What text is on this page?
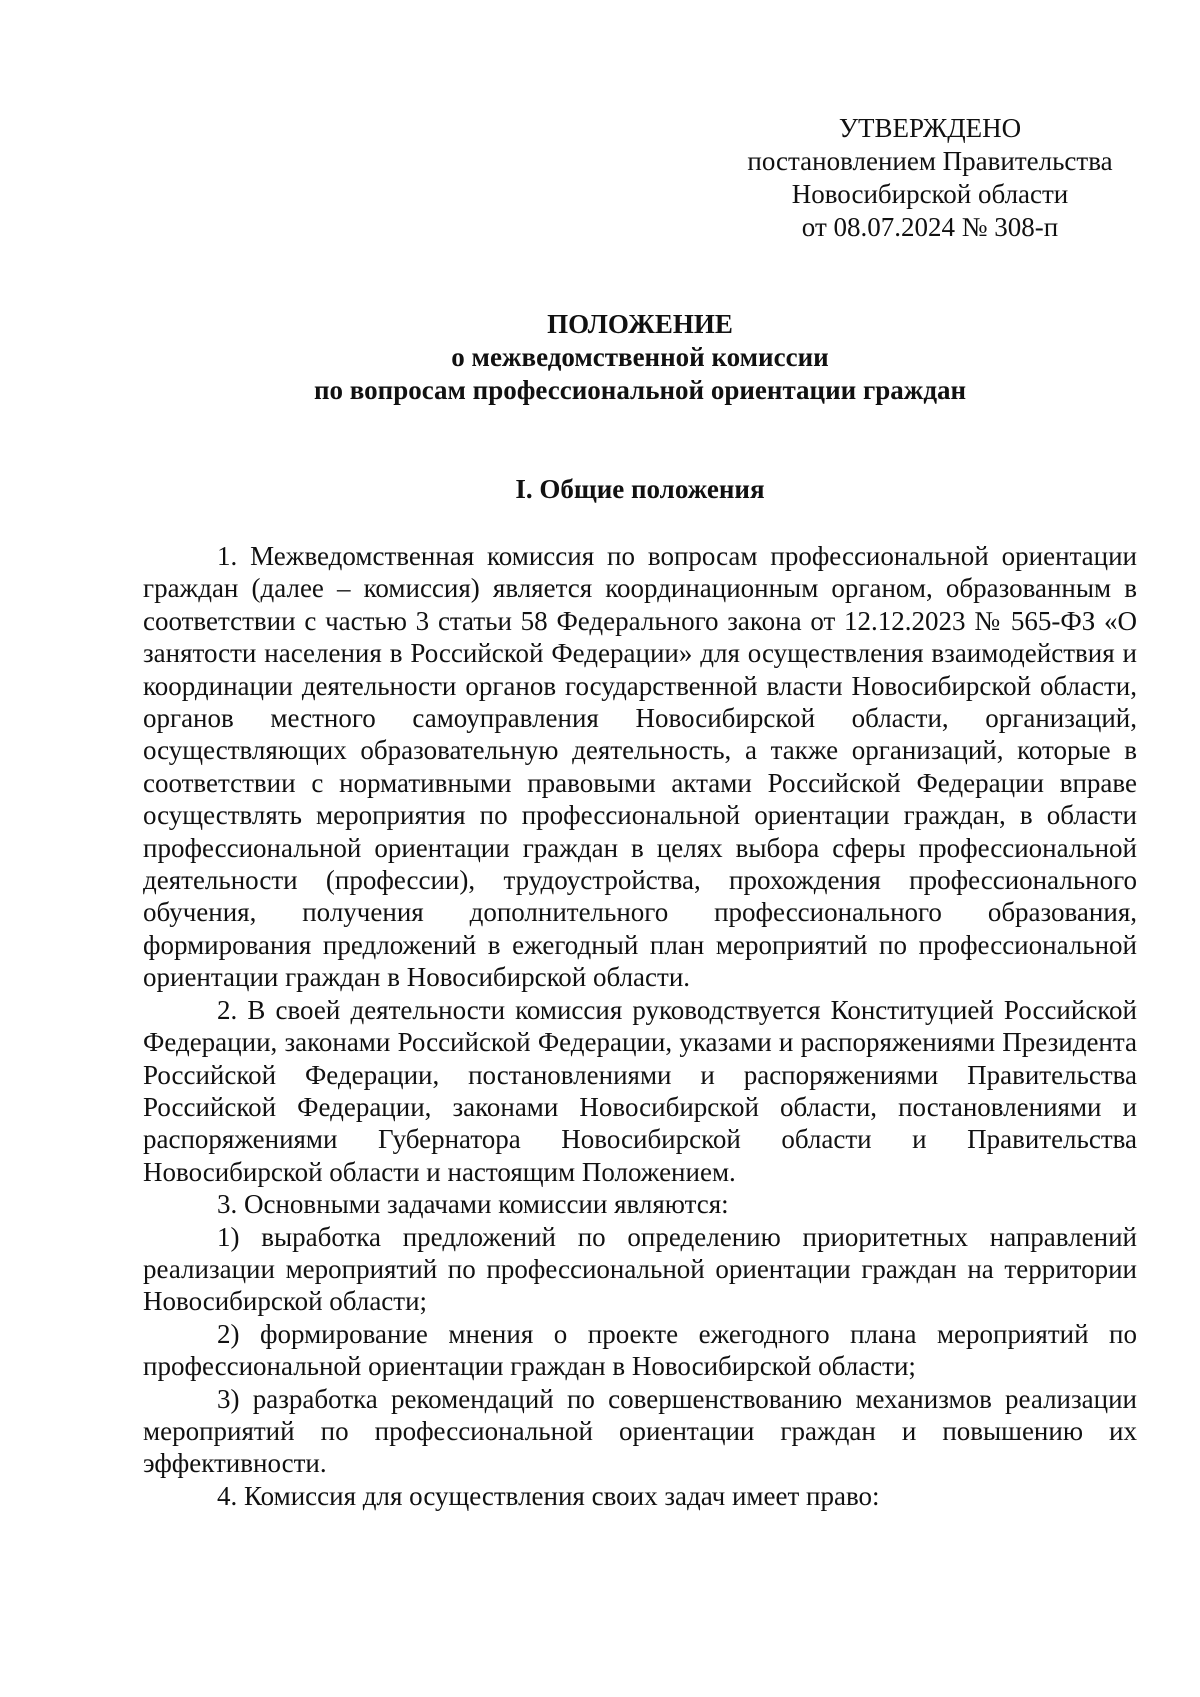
УТВЕРЖДЕНО
постановлением Правительства
Новосибирской области
от 08.07.2024 № 308-п
ПОЛОЖЕНИЕ
о межведомственной комиссии
по вопросам профессиональной ориентации граждан
I. Общие положения

1. Межведомственная комиссия по вопросам профессиональной ориентации граждан (далее – комиссия) является координационным органом, образованным в соответствии с частью 3 статьи 58 Федерального закона от 12.12.2023 № 565-ФЗ «О занятости населения в Российской Федерации» для осуществления взаимодействия и координации деятельности органов государственной власти Новосибирской области, органов местного самоуправления Новосибирской области, организаций, осуществляющих образовательную деятельность, а также организаций, которые в соответствии с нормативными правовыми актами Российской Федерации вправе осуществлять мероприятия по профессиональной ориентации граждан, в области профессиональной ориентации граждан в целях выбора сферы профессиональной деятельности (профессии), трудоустройства, прохождения профессионального обучения, получения дополнительного профессионального образования, формирования предложений в ежегодный план мероприятий по профессиональной ориентации граждан в Новосибирской области.

2. В своей деятельности комиссия руководствуется Конституцией Российской Федерации, законами Российской Федерации, указами и распоряжениями Президента Российской Федерации, постановлениями и распоряжениями Правительства Российской Федерации, законами Новосибирской области, постановлениями и распоряжениями Губернатора Новосибирской области и Правительства Новосибирской области и настоящим Положением.

3. Основными задачами комиссии являются:

1) выработка предложений по определению приоритетных направлений реализации мероприятий по профессиональной ориентации граждан на территории Новосибирской области;

2) формирование мнения о проекте ежегодного плана мероприятий по профессиональной ориентации граждан в Новосибирской области;

3) разработка рекомендаций по совершенствованию механизмов реализации мероприятий по профессиональной ориентации граждан и повышению их эффективности.

4. Комиссия для осуществления своих задач имеет право:
